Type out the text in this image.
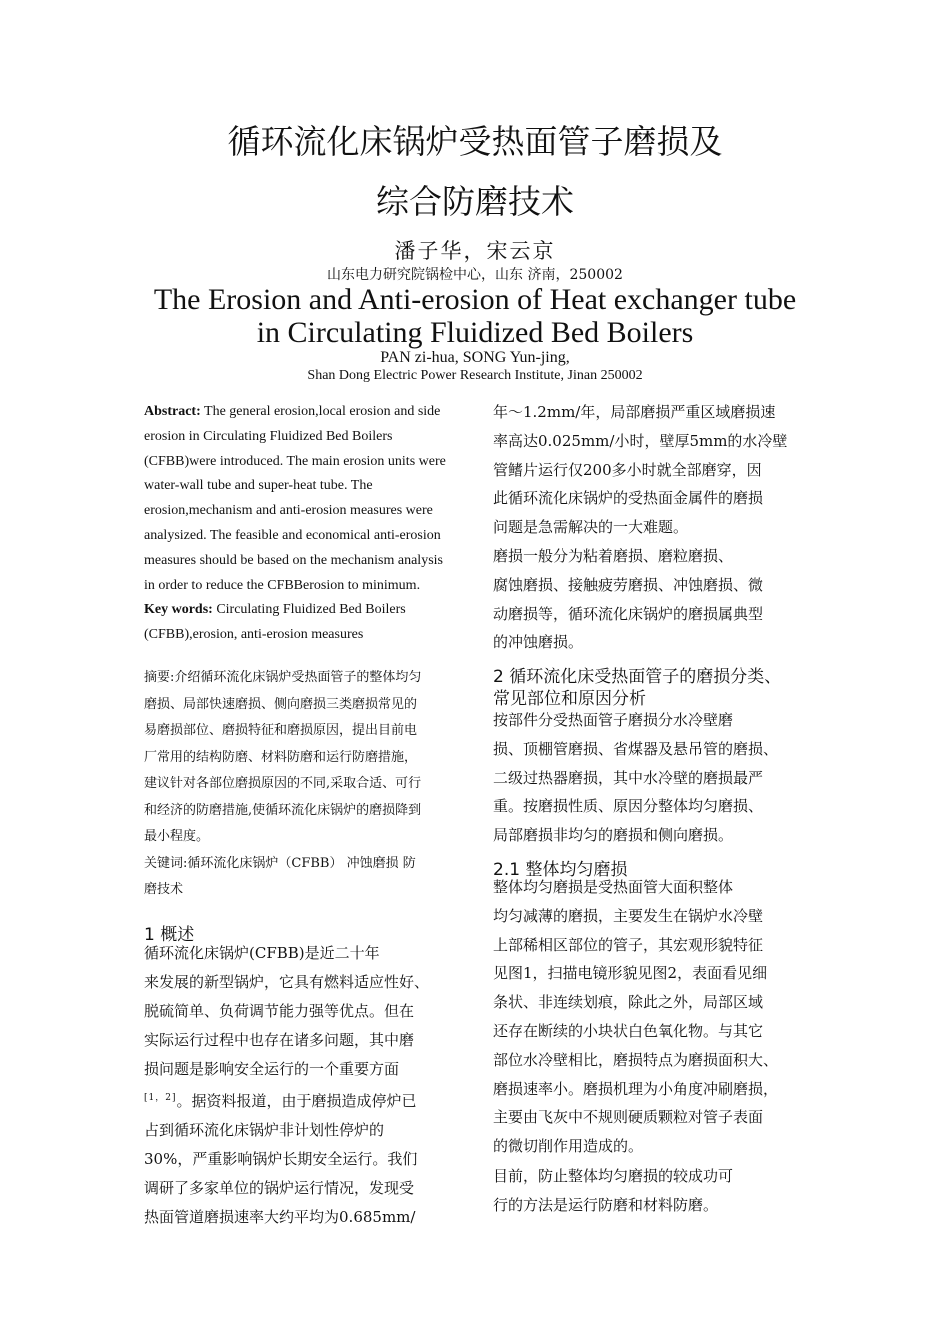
循环流化床锅炉受热面管子磨损及
综合防磨技术
潘子华，宋云京
山东电力研究院锅检中心，山东 济南，250002
The Erosion and Anti-erosion of Heat exchanger tube
in Circulating Fluidized Bed Boilers
PAN zi-hua, SONG Yun-jing,
Shan Dong Electric Power Research Institute, Jinan 250002
Abstract: The general erosion,local erosion and side
erosion in Circulating Fluidized Bed Boilers
(CFBB)were introduced. The main erosion units were
water-wall tube and super-heat tube. The
erosion,mechanism and anti-erosion measures were
analysized. The feasible and economical anti-erosion
measures should be based on the mechanism analysis
in order to reduce the CFBBerosion to minimum.
Key words: Circulating Fluidized Bed Boilers
(CFBB),erosion, anti-erosion measures
摘要:介绍循环流化床锅炉受热面管子的整体均匀
磨损、局部快速磨损、侧向磨损三类磨损常见的
易磨损部位、磨损特征和磨损原因，提出目前电
厂常用的结构防磨、材料防磨和运行防磨措施，
建议针对各部位磨损原因的不同,采取合适、可行
和经济的防磨措施,使循环流化床锅炉的磨损降到
最小程度。
关键词:循环流化床锅炉（CFBB） 冲蚀磨损 防
磨技术
1 概述
循环流化床锅炉(CFBB)是近二十年
来发展的新型锅炉，它具有燃料适应性好、
脱硫简单、负荷调节能力强等优点。但在
实际运行过程中也存在诸多问题，其中磨
损问题是影响安全运行的一个重要方面
[1，2]。据资料报道，由于磨损造成停炉已
占到循环流化床锅炉非计划性停炉的
30%，严重影响锅炉长期安全运行。我们
调研了多家单位的锅炉运行情况，发现受
热面管道磨损速率大约平均为0.685mm/
年～1.2mm/年，局部磨损严重区域磨损速
率高达0.025mm/小时，壁厚5mm的水冷壁
管鳍片运行仅200多小时就全部磨穿，因
此循环流化床锅炉的受热面金属件的磨损
问题是急需解决的一大难题。
磨损一般分为粘着磨损、磨粒磨损、
腐蚀磨损、接触疲劳磨损、冲蚀磨损、微
动磨损等，循环流化床锅炉的磨损属典型
的冲蚀磨损。
2 循环流化床受热面管子的磨损分类、
常见部位和原因分析
按部件分受热面管子磨损分水冷壁磨
损、顶棚管磨损、省煤器及悬吊管的磨损、
二级过热器磨损，其中水冷壁的磨损最严
重。按磨损性质、原因分整体均匀磨损、
局部磨损非均匀的磨损和侧向磨损。
2.1 整体均匀磨损
整体均匀磨损是受热面管大面积整体
均匀减薄的磨损，主要发生在锅炉水冷壁
上部稀相区部位的管子，其宏观形貌特征
见图1，扫描电镜形貌见图2，表面看见细
条状、非连续划痕，除此之外，局部区域
还存在断续的小块状白色氧化物。与其它
部位水冷壁相比，磨损特点为磨损面积大、
磨损速率小。磨损机理为小角度冲刷磨损，
主要由飞灰中不规则硬质颗粒对管子表面
的微切削作用造成的。
目前，防止整体均匀磨损的较成功可
行的方法是运行防磨和材料防磨。
